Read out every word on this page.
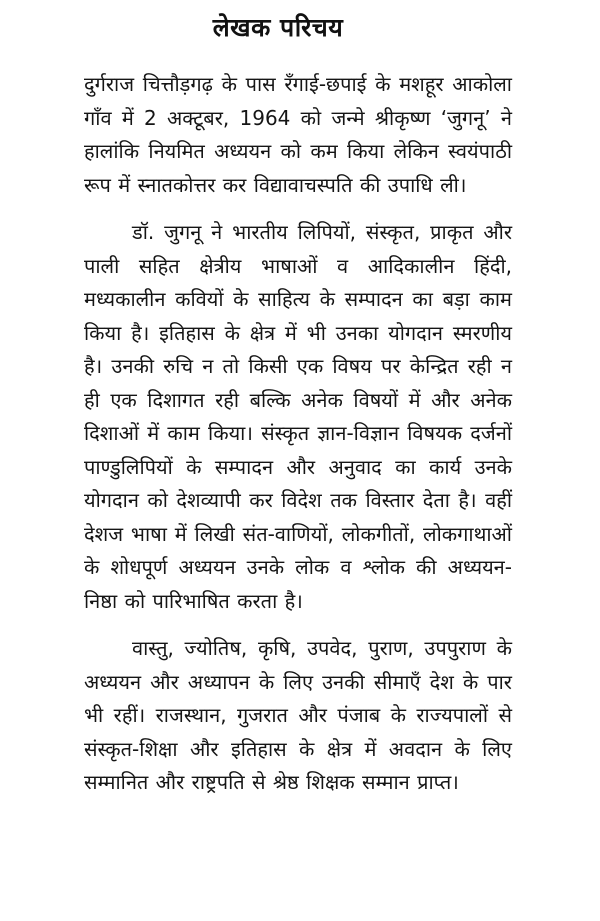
लेखक परिचय

दुर्गराज चित्तौड़गढ़ के पास रँगाई-छपाई के मशहूर आकोला गाँव में 2 अक्टूबर, 1964 को जन्मे श्रीकृष्ण ‘जुगनू’ ने हालांकि नियमित अध्ययन को कम किया लेकिन स्वयंपाठी रूप में स्नातकोत्तर कर विद्यावाचस्पति की उपाधि ली।

डॉ. जुगनू ने भारतीय लिपियों, संस्कृत, प्राकृत और पाली सहित क्षेत्रीय भाषाओं व आदिकालीन हिंदी, मध्यकालीन कवियों के साहित्य के सम्पादन का बड़ा काम किया है। इतिहास के क्षेत्र में भी उनका योगदान स्मरणीय है। उनकी रुचि न तो किसी एक विषय पर केन्द्रित रही न ही एक दिशागत रही बल्कि अनेक विषयों में और अनेक दिशाओं में काम किया। संस्कृत ज्ञान-विज्ञान विषयक दर्जनों पाण्डुलिपियों के सम्पादन और अनुवाद का कार्य उनके योगदान को देशव्यापी कर विदेश तक विस्तार देता है। वहीं देशज भाषा में लिखी संत-वाणियों, लोकगीतों, लोकगाथाओं के शोधपूर्ण अध्ययन उनके लोक व श्लोक की अध्ययन-निष्ठा को पारिभाषित करता है।

वास्तु, ज्योतिष, कृषि, उपवेद, पुराण, उपपुराण के अध्ययन और अध्यापन के लिए उनकी सीमाएँ देश के पार भी रहीं। राजस्थान, गुजरात और पंजाब के राज्यपालों से संस्कृत-शिक्षा और इतिहास के क्षेत्र में अवदान के लिए सम्मानित और राष्ट्रपति से श्रेष्ठ शिक्षक सम्मान प्राप्त।
